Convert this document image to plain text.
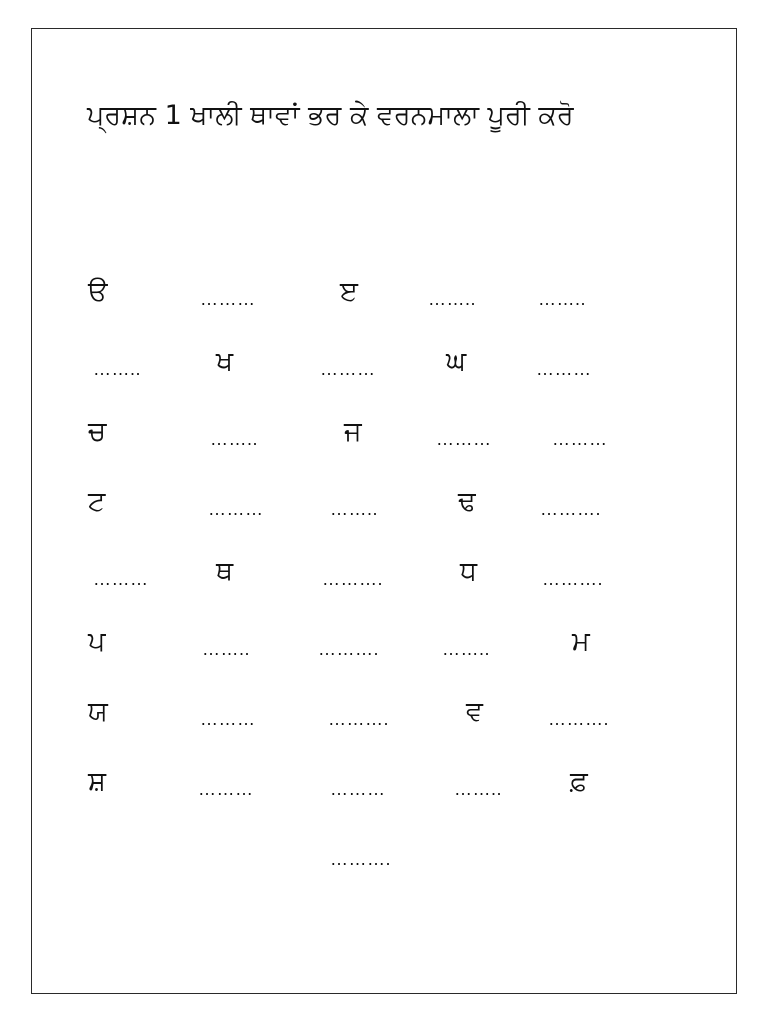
ਪ੍ਰਸ਼ਨ 1 ਖਾਲੀ ਥਾਵਾਂ ਭਰ ਕੇ ਵਰਨਮਾਲਾ ਪੂਰੀ ਕਰੋ
ੳ	………	ੲ	……..	……..
……..	ਖ	………	ਘ	………
ਚ	……..	ਜ	………	………
ਟ	………	……..	ਢ	……….
………	ਥ	……….	ਧ	……….
ਪ	……..	……….	……..	ਮ
ਯ	………	……….	ਵ	……….
ਸ਼	………	………	……..	ਫ਼
……….
